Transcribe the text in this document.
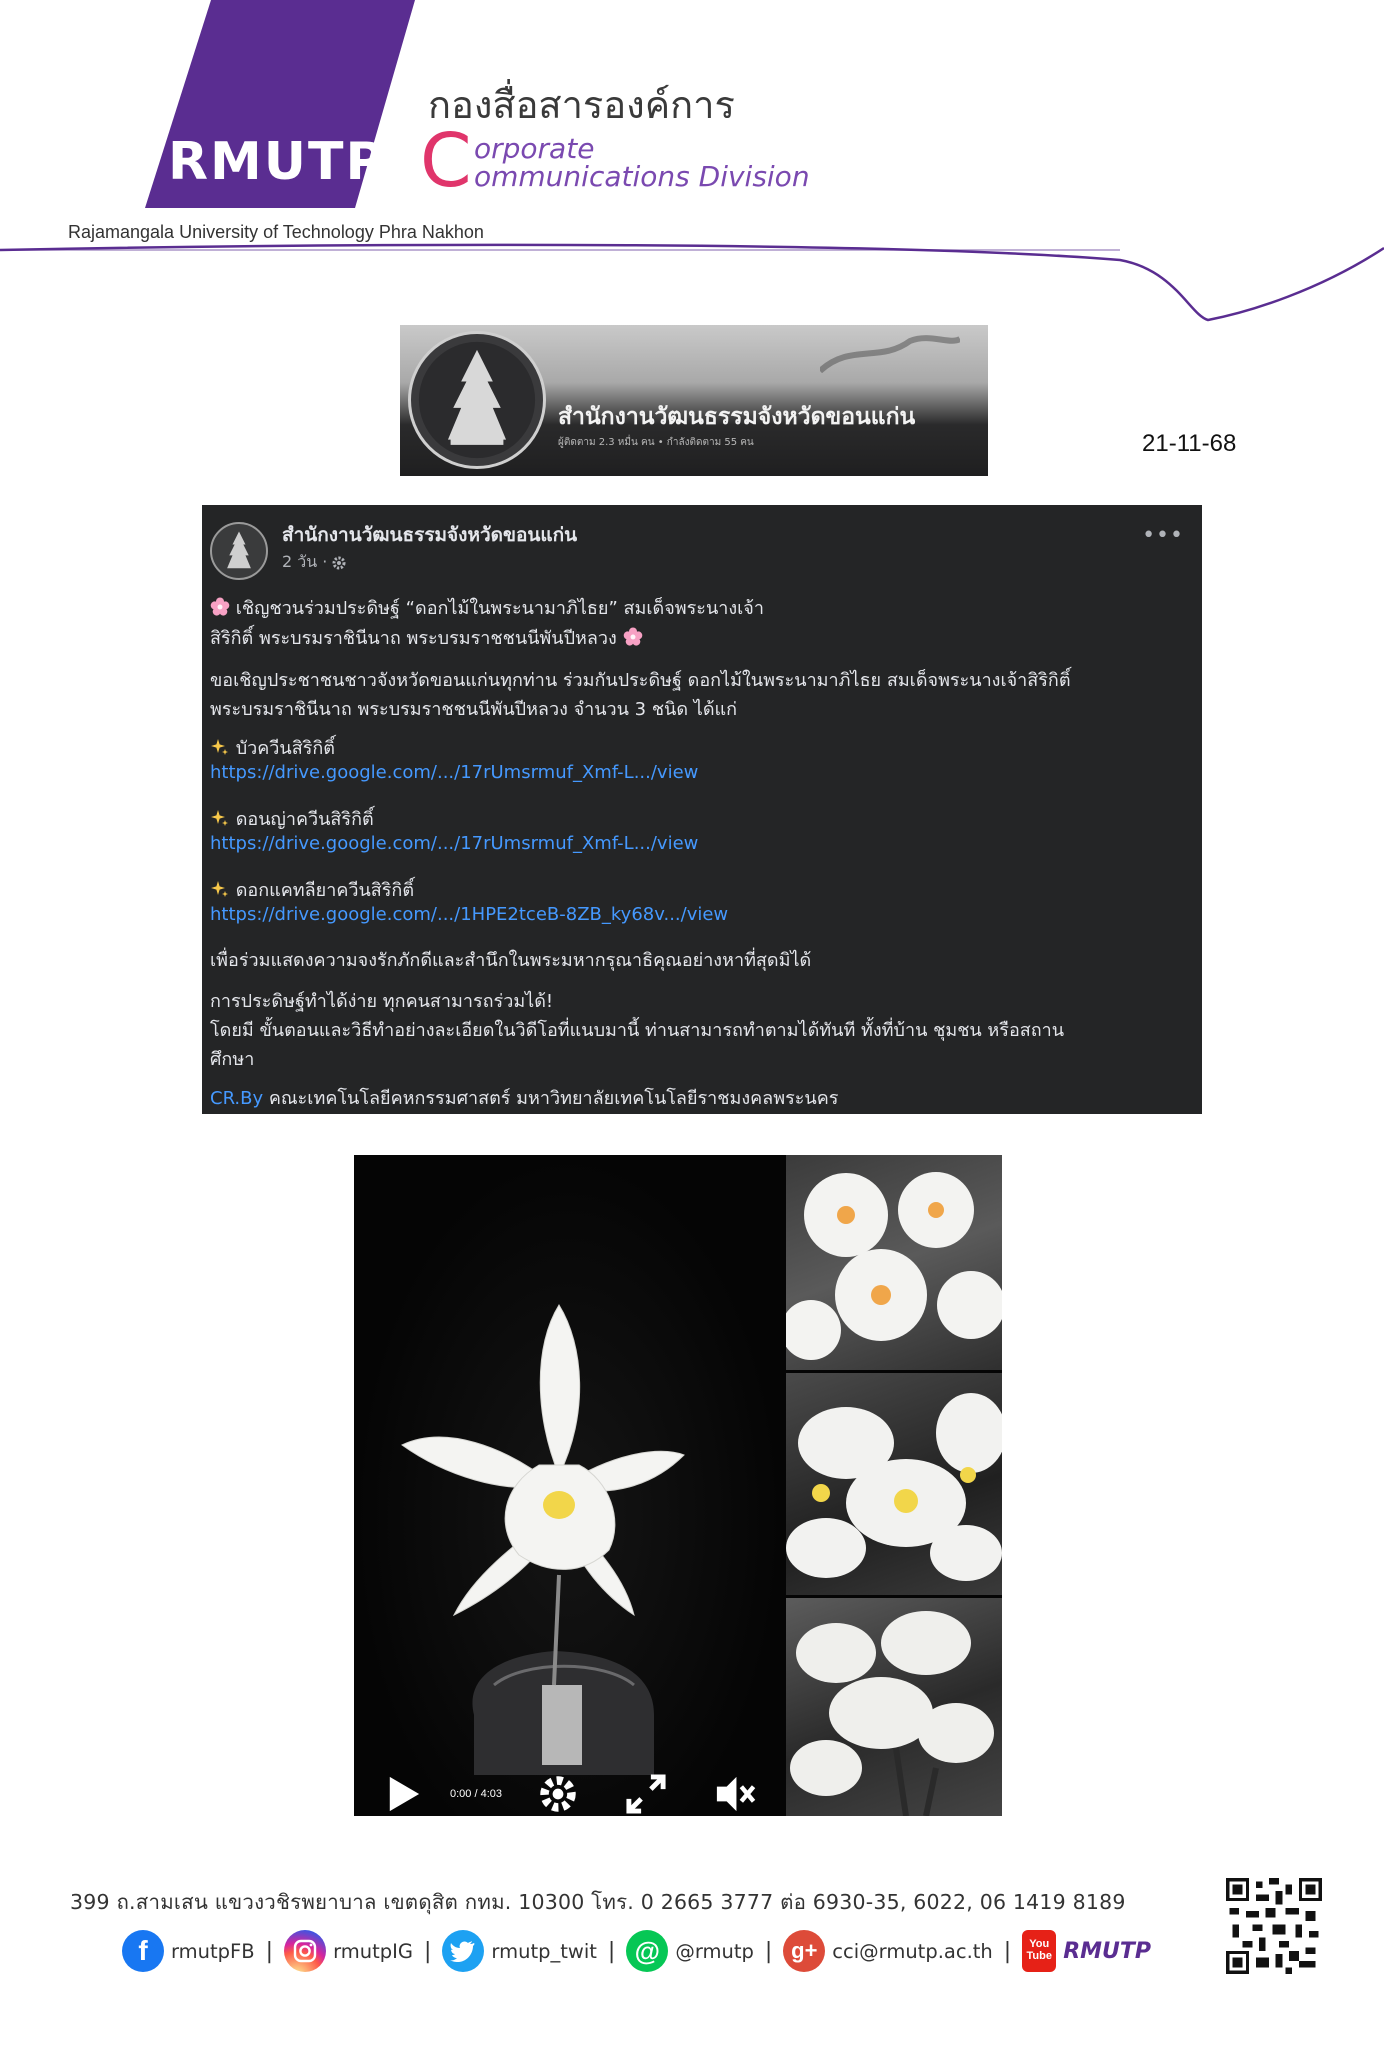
RMUTP
กองสื่อสารองค์การ
C orporate
ommunications Division
Rajamangala University of Technology Phra Nakhon
สำนักงานวัฒนธรรมจังหวัดขอนแก่น
ผู้ติดตาม 2.3 หมื่น คน • กำลังติดตาม 55 คน	21-11-68
สำนักงานวัฒนธรรมจังหวัดขอนแก่น
2 วัน ·
•••
เชิญชวนร่วมประดิษฐ์ “ดอกไม้ในพระนามาภิไธย” สมเด็จพระนางเจ้า
สิริกิติ์ พระบรมราชินีนาถ พระบรมราชชนนีพันปีหลวง
ขอเชิญประชาชนชาวจังหวัดขอนแก่นทุกท่าน ร่วมกันประดิษฐ์ ดอกไม้ในพระนามาภิไธย สมเด็จพระนางเจ้าสิริกิติ์
พระบรมราชินีนาถ พระบรมราชชนนีพันปีหลวง จำนวน 3 ชนิด ได้แก่
บัวควีนสิริกิติ์
https://drive.google.com/.../17rUmsrmuf_Xmf-L.../view
ดอนญ่าควีนสิริกิติ์
https://drive.google.com/.../17rUmsrmuf_Xmf-L.../view
ดอกแคทลียาควีนสิริกิติ์
https://drive.google.com/.../1HPE2tceB-8ZB_ky68v.../view
เพื่อร่วมแสดงความจงรักภักดีและสำนึกในพระมหากรุณาธิคุณอย่างหาที่สุดมิได้
การประดิษฐ์ทำได้ง่าย ทุกคนสามารถร่วมได้!
โดยมี ขั้นตอนและวิธีทำอย่างละเอียดในวิดีโอที่แนบมานี้ ท่านสามารถทำตามได้ทันที ทั้งที่บ้าน ชุมชน หรือสถาน
ศึกษา
CR.By คณะเทคโนโลยีคหกรรมศาสตร์ มหาวิทยาลัยเทคโนโลยีราชมงคลพระนคร
0:00 / 4:03
399 ถ.สามเสน แขวงวชิรพยาบาล เขตดุสิต กทม. 10300 โทร. 0 2665 3777 ต่อ 6930-35, 6022, 06 1419 8189
f	rmutpFB |	rmutpIG |	rmutp_twit | @ @rmutp | g+ cci@rmutp.ac.th | You
Tube RMUTP
